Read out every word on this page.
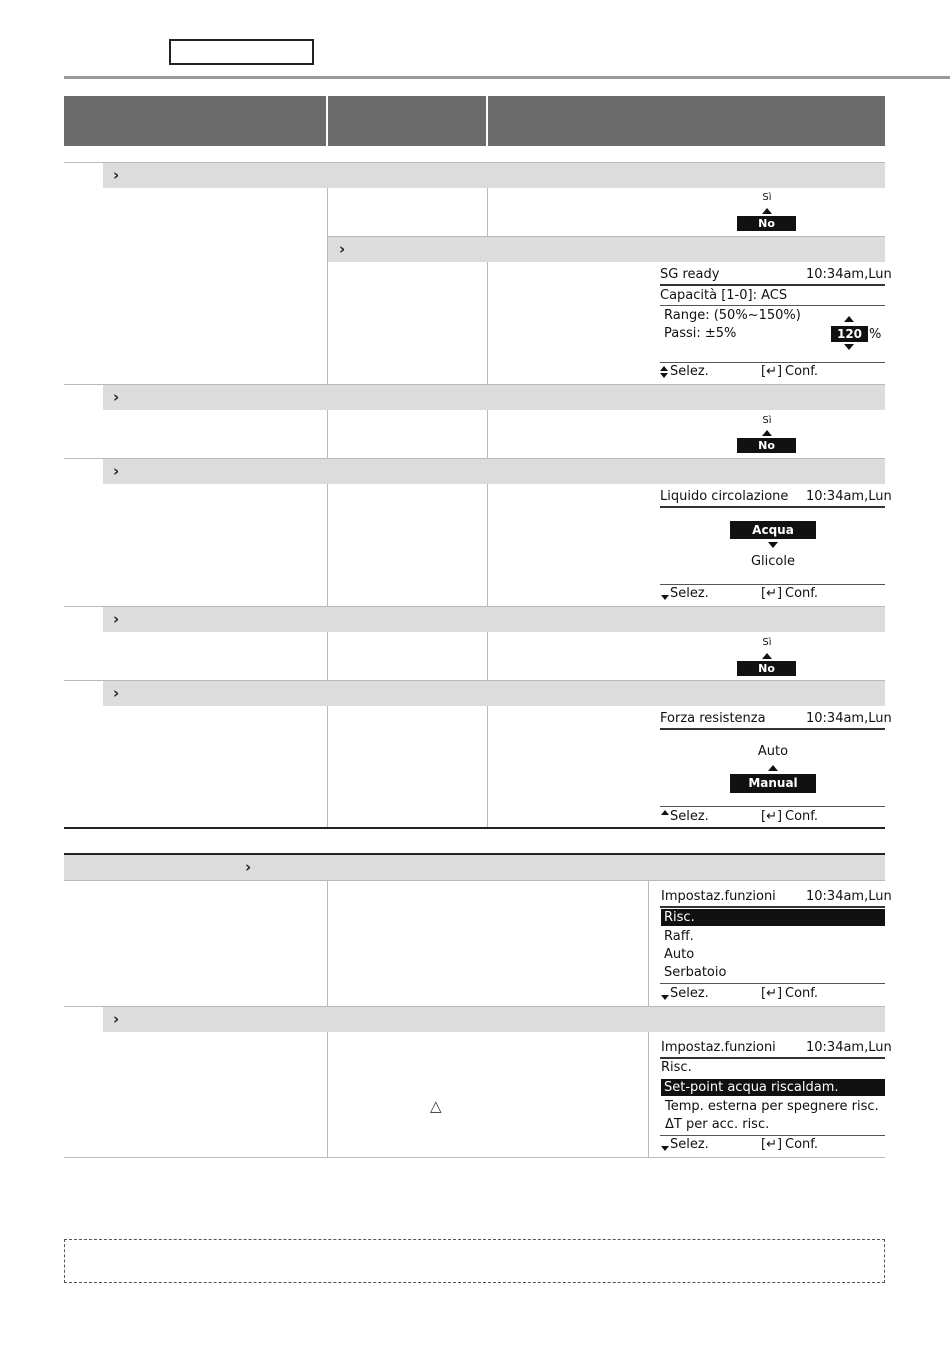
›
Sì
No
›
SG ready	10:34am,Lun
Capacità [1-0]: ACS
Range: (50%~150%)
Passi: ±5%	120 %
Selez.	[↵] Conf.
›
Sì
No
›
Liquido circolazione 10:34am,Lun
Acqua
Glicole
Selez.	[↵] Conf.
›
Sì
No
›
Forza resistenza	10:34am,Lun
Auto
Manual
Selez.	[↵] Conf.
›
Impostaz.funzioni 10:34am,Lun
Risc.
Raff.
Auto
Serbatoio
Selez.	[↵] Conf.
›
△
Impostaz.funzioni 10:34am,Lun
Risc.
Set-point acqua riscaldam.
Temp. esterna per spegnere risc.
ΔT per acc. risc.
Selez.	[↵] Conf.
